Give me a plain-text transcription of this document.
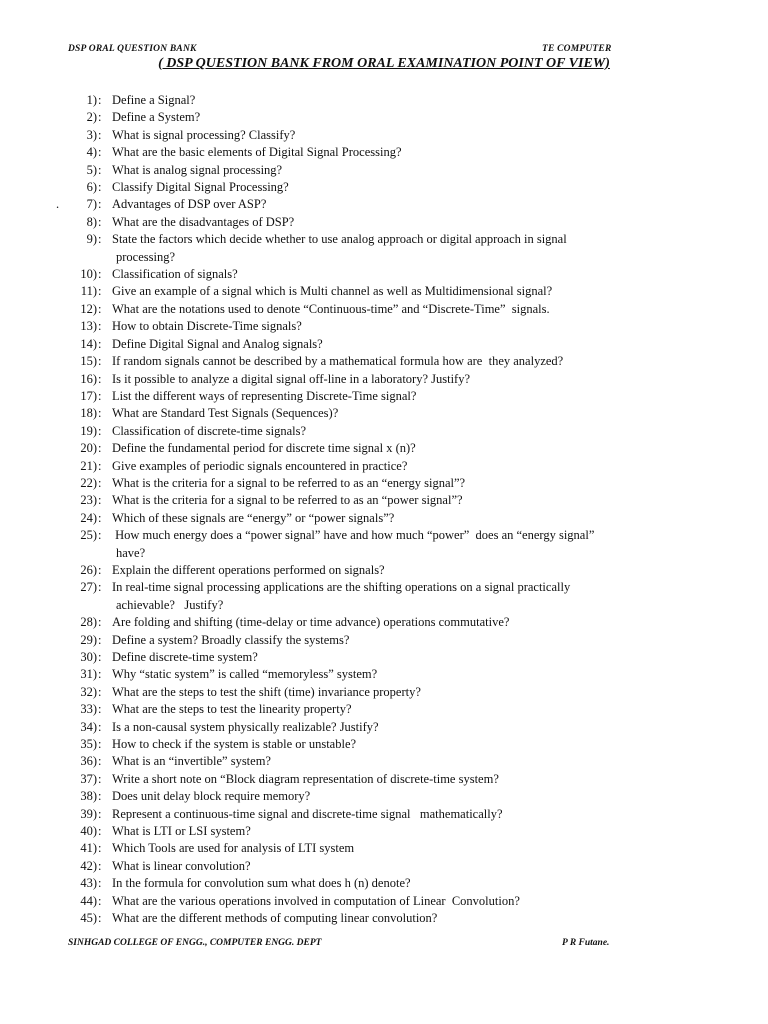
DSP ORAL QUESTION BANK	TE COMPUTER
( DSP QUESTION BANK FROM ORAL EXAMINATION POINT OF VIEW)
1) : Define a Signal?
2) : Define a System?
3) : What is signal processing? Classify?
4) : What are the basic elements of Digital Signal Processing?
5) : What is analog signal processing?
6) : Classify Digital Signal Processing?
.	7) : Advantages of DSP over ASP?
8) : What are the disadvantages of DSP?
9) : State the factors which decide whether to use analog approach or digital approach in signal
processing?
10) : Classification of signals?
11) : Give an example of a signal which is Multi channel as well as Multidimensional signal?
12) : What are the notations used to denote “Continuous-time” and “Discrete-Time”  signals.
13) : How to obtain Discrete-Time signals?
14) : Define Digital Signal and Analog signals?
15) : If random signals cannot be described by a mathematical formula how are  they analyzed?
16) : Is it possible to analyze a digital signal off-line in a laboratory? Justify?
17) : List the different ways of representing Discrete-Time signal?
18) : What are Standard Test Signals (Sequences)?
19) : Classification of discrete-time signals?
20) : Define the fundamental period for discrete time signal x (n)?
21) : Give examples of periodic signals encountered in practice?
22) : What is the criteria for a signal to be referred to as an “energy signal”?
23) : What is the criteria for a signal to be referred to as an “power signal”?
24) : Which of these signals are “energy” or “power signals”?
25) : How much energy does a “power signal” have and how much “power”  does an “energy signal”
have?
26) : Explain the different operations performed on signals?
27) : In real-time signal processing applications are the shifting operations on a signal practically
achievable?   Justify?
28) : Are folding and shifting (time-delay or time advance) operations commutative?
29) : Define a system? Broadly classify the systems?
30) : Define discrete-time system?
31) : Why “static system” is called “memoryless” system?
32) : What are the steps to test the shift (time) invariance property?
33) : What are the steps to test the linearity property?
34) : Is a non-causal system physically realizable? Justify?
35) : How to check if the system is stable or unstable?
36) : What is an “invertible” system?
37) : Write a short note on “Block diagram representation of discrete-time system?
38) : Does unit delay block require memory?
39) : Represent a continuous-time signal and discrete-time signal   mathematically?
40) : What is LTI or LSI system?
41) : Which Tools are used for analysis of LTI system
42) : What is linear convolution?
43) : In the formula for convolution sum what does h (n) denote?
44) : What are the various operations involved in computation of Linear  Convolution?
45) : What are the different methods of computing linear convolution?
SINHGAD COLLEGE OF ENGG., COMPUTER ENGG. DEPT	P R Futane.
